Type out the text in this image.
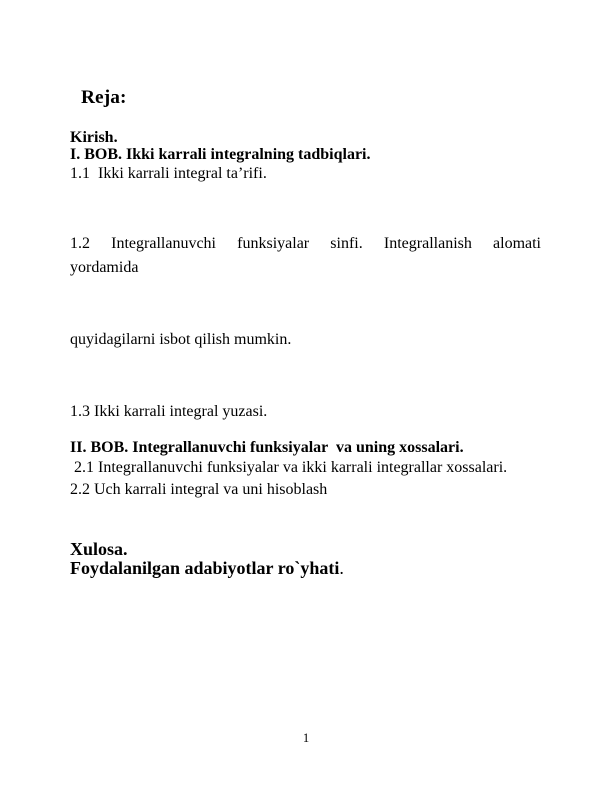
Reja:
Kirish.
I. BOB. Ikki karrali integralning tadbiqlari.
1.1  Ikki karrali integral ta’rifi.

1.2    Integrallanuvchi    funksiyalar    sinfi.    Integrallanish    alomati    yordamida

quyidagilarni isbot qilish mumkin.

1.3 Ikki karrali integral yuzasi.
II. BOB. Integrallanuvchi funksiyalar  va uning xossalari.
2.1 Integrallanuvchi funksiyalar va ikki karrali integrallar xossalari.
2.2 Uch karrali integral va uni hisoblash
Xulosa.
Foydalanilgan adabiyotlar ro`yhati.
1
